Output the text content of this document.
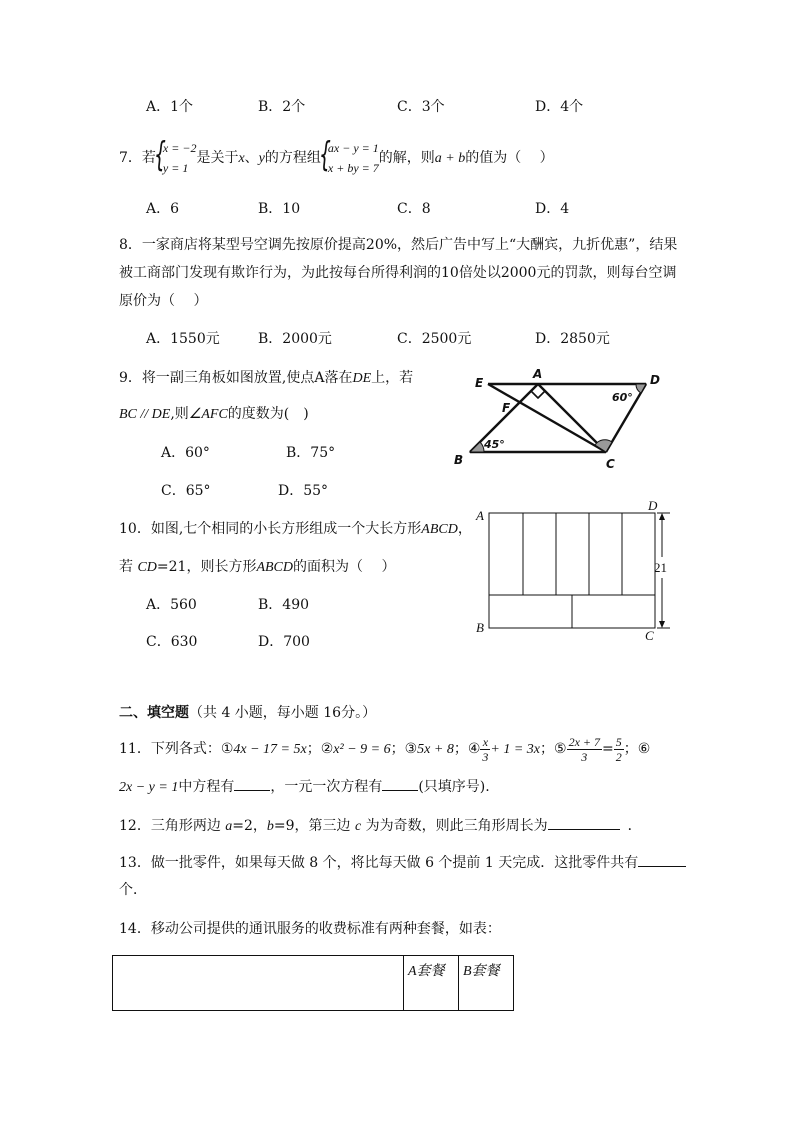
A．1个	B．2个	C．3个	D．4个
7．若
{
x = −2
y = 1
是关于x、y的方程组
{
ax − y = 1
x + by = 7
的解，则a + b的值为（　 ）
A．6	B．10	C．8	D．4
8．一家商店将某型号空调先按原价提高20%，然后广告中写上“大酬宾，九折优惠”，结果
被工商部门发现有欺诈行为，为此按每台所得利润的10倍处以2000元的罚款，则每台空调
原价为（　 ）
A．1550元	B．2000元	C．2500元	D．2850元
9．将一副三角板如图放置,使点A落在DE上，若
BC // DE,则∠AFC的度数为(　)
A．60°	B．75°
C．65°	D．55°
E
A	D
F
B	C
60°
45°
10．如图,七个相同的小长方形组成一个大长方形ABCD，
若 CD=21，则长方形ABCD的面积为（　 ）
A．560	B．490
C．630	D．700
A
D
B
C
21
二、填空题（共 4 小题，每小题 16分。）
11．下列各式：①4x − 17 = 5x；②x² − 9 = 6；③5x + 8；④ $\frac{x}{3} + 1 = 3x$；⑤ $\frac{2x + 7}{3} = \frac{5}{2}$ ；⑥
2x − y = 1中方程有	，一元一次方程有	(只填序号).
12．三角形两边 a=2，b=9，第三边 c 为为奇数，则此三角形周长为	．
13．做一批零件，如果每天做 8 个，将比每天做 6 个提前 1 天完成．这批零件共有
个．
14．移动公司提供的通讯服务的收费标准有两种套餐，如表：
	A套餐	B套餐
